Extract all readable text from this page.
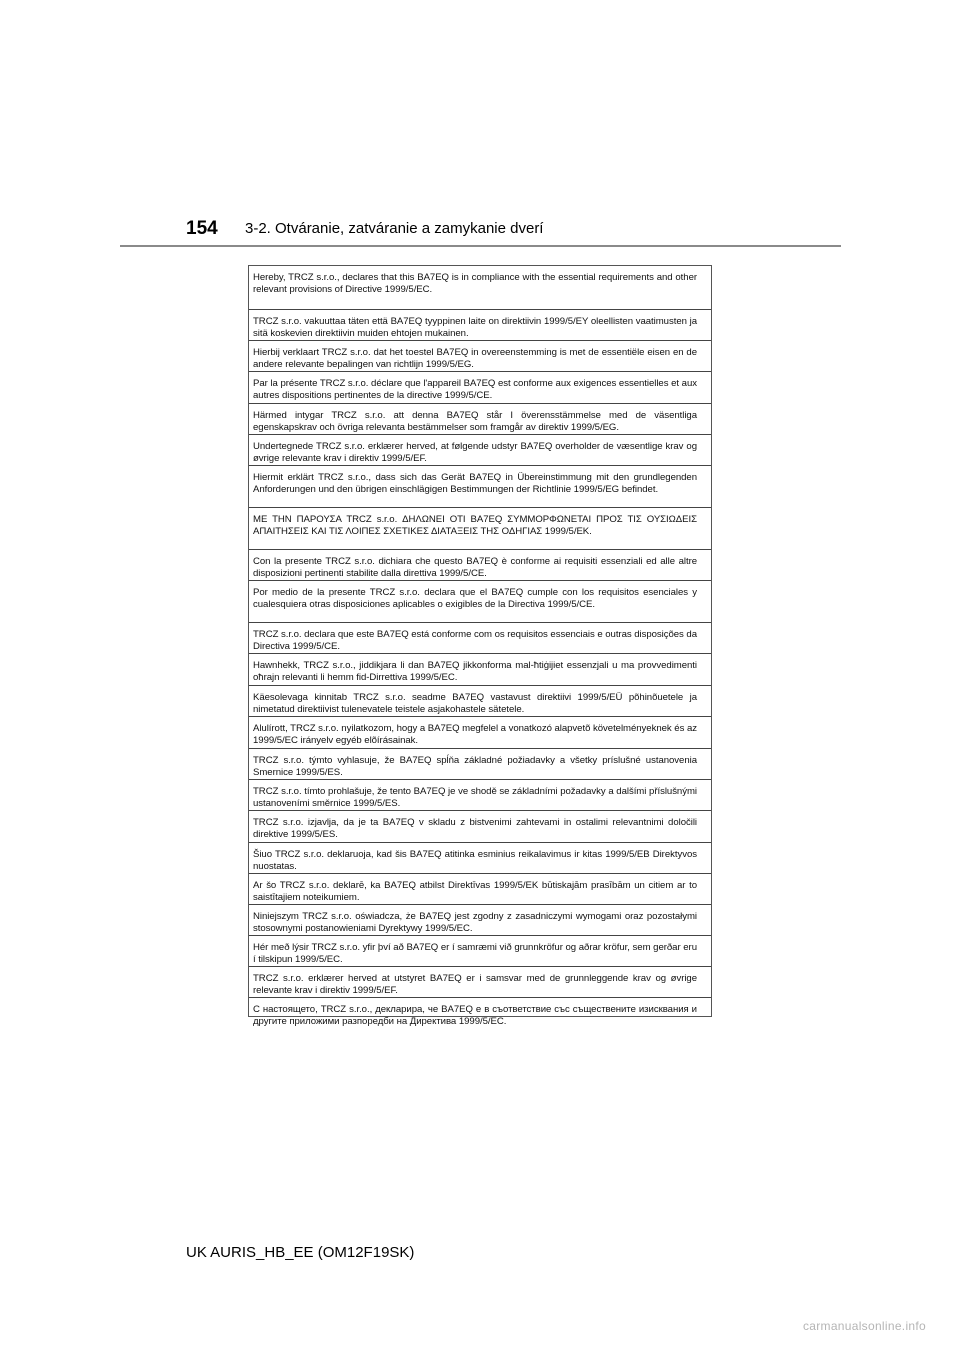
154 3-2. Otváranie, zatváranie a zamykanie dverí
Hereby, TRCZ s.r.o., declares that this BA7EQ is in compliance with the essential requirements and other relevant provisions of Directive 1999/5/EC.
TRCZ s.r.o. vakuuttaa täten että BA7EQ tyyppinen laite on direktiivin 1999/5/EY oleellisten vaatimusten ja sitä koskevien direktiivin muiden ehtojen mukainen.
Hierbij verklaart TRCZ s.r.o. dat het toestel BA7EQ in overeenstemming is met de essentiële eisen en de andere relevante bepalingen van richtlijn 1999/5/EG.
Par la présente TRCZ s.r.o. déclare que l'appareil BA7EQ est conforme aux exigences essentielles et aux autres dispositions pertinentes de la directive 1999/5/CE.
Härmed intygar TRCZ s.r.o. att denna BA7EQ står I överensstämmelse med de väsentliga egenskapskrav och övriga relevanta bestämmelser som framgår av direktiv 1999/5/EG.
Undertegnede TRCZ s.r.o. erklærer herved, at følgende udstyr BA7EQ overholder de væsentlige krav og øvrige relevante krav i direktiv 1999/5/EF.
Hiermit erklärt TRCZ s.r.o., dass sich das Gerät BA7EQ in Übereinstimmung mit den grundlegenden Anforderungen und den übrigen einschlägigen Bestimmungen der Richtlinie 1999/5/EG befindet.
ΜΕ ΤΗΝ ΠΑΡΟΥΣΑ TRCZ s.r.o. ΔΗΛΩΝΕΙ ΟΤΙ BA7EQ ΣΥΜΜΟΡΦΩΝΕΤΑΙ ΠΡΟΣ ΤΙΣ ΟΥΣΙΩΔΕΙΣ ΑΠΑΙΤΗΣΕΙΣ ΚΑΙ ΤΙΣ ΛΟΙΠΕΣ ΣΧΕΤΙΚΕΣ ΔΙΑΤΑΞΕΙΣ ΤΗΣ ΟΔΗΓΙΑΣ 1999/5/ΕΚ.
Con la presente TRCZ s.r.o. dichiara che questo BA7EQ è conforme ai requisiti essenziali ed alle altre disposizioni pertinenti stabilite dalla direttiva 1999/5/CE.
Por medio de la presente TRCZ s.r.o. declara que el BA7EQ cumple con los requisitos esenciales y cualesquiera otras disposiciones aplicables o exigibles de la Directiva 1999/5/CE.
TRCZ s.r.o. declara que este BA7EQ está conforme com os requisitos essenciais e outras disposições da Directiva 1999/5/CE.
Hawnhekk, TRCZ s.r.o., jiddikjara li dan BA7EQ jikkonforma mal-ħtiġijiet essenzjali u ma provvedimenti oħrajn relevanti li hemm fid-Dirrettiva 1999/5/EC.
Käesolevaga kinnitab TRCZ s.r.o. seadme BA7EQ vastavust direktiivi 1999/5/EÜ põhinõuetele ja nimetatud direktiivist tulenevatele teistele asjakohastele sätetele.
Alulírott, TRCZ s.r.o. nyilatkozom, hogy a BA7EQ megfelel a vonatkozó alapvetõ követelményeknek és az 1999/5/EC irányelv egyéb elõírásainak.
TRCZ s.r.o. týmto vyhlasuje, že BA7EQ spĺňa základné požiadavky a všetky príslušné ustanovenia Smernice 1999/5/ES.
TRCZ s.r.o. tímto prohlašuje, že tento BA7EQ je ve shodě se základními požadavky a dalšími příslušnými ustanoveními směrnice 1999/5/ES.
TRCZ s.r.o. izjavlja, da je ta BA7EQ v skladu z bistvenimi zahtevami in ostalimi relevantnimi določili direktive 1999/5/ES.
Šiuo TRCZ s.r.o. deklaruoja, kad šis BA7EQ atitinka esminius reikalavimus ir kitas 1999/5/EB Direktyvos nuostatas.
Ar šo TRCZ s.r.o. deklarē, ka BA7EQ atbilst Direktīvas 1999/5/EK būtiskajām prasībām un citiem ar to saistītajiem noteikumiem.
Niniejszym TRCZ s.r.o. oświadcza, że BA7EQ jest zgodny z zasadniczymi wymogami oraz pozostałymi stosownymi postanowieniami Dyrektywy 1999/5/EC.
Hér með lýsir TRCZ s.r.o. yfir því að BA7EQ er í samræmi við grunnkröfur og aðrar kröfur, sem gerðar eru í tilskipun 1999/5/EC.
TRCZ s.r.o. erklærer herved at utstyret BA7EQ er i samsvar med de grunnleggende krav og øvrige relevante krav i direktiv 1999/5/EF.
С настоящето, TRCZ s.r.o., декларира, че BA7EQ е в съответствие със съществените изисквания и другите приложими разпоредби на Директива 1999/5/ЕС.
UK AURIS_HB_EE (OM12F19SK)
carmanualsonline.info
